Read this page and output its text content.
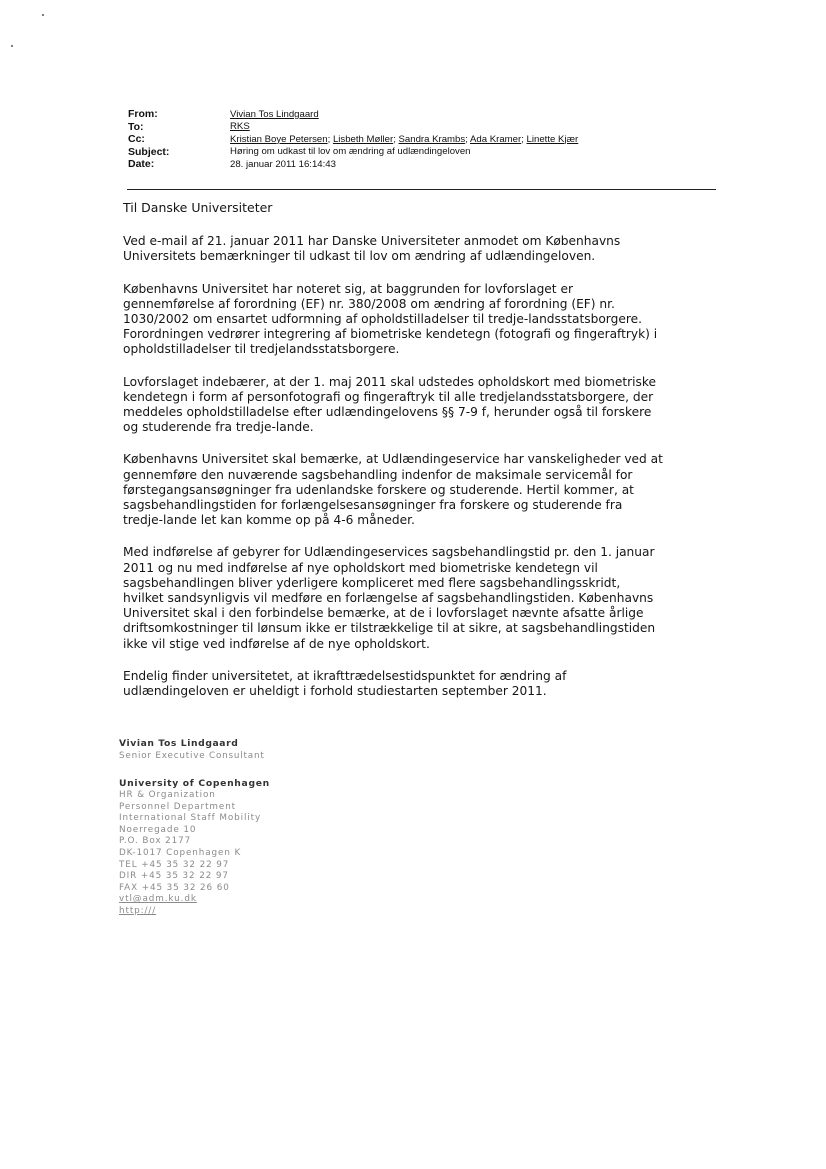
From:	Vivian Tos Lindgaard
To:	RKS
Cc:	Kristian Boye Petersen; Lisbeth Møller; Sandra Krambs; Ada Kramer; Linette Kjær
Subject:	Høring om udkast til lov om ændring af udlændingeloven
Date:	28. januar 2011 16:14:43

Til Danske Universiteter

Ved e-mail af 21. januar 2011 har Danske Universiteter anmodet om Københavns
Universitets bemærkninger til udkast til lov om ændring af udlændingeloven.

Københavns Universitet har noteret sig, at baggrunden for lovforslaget er
gennemførelse af forordning (EF) nr. 380/2008 om ændring af forordning (EF) nr.
1030/2002 om ensartet udformning af opholdstilladelser til tredje-landsstatsborgere.
Forordningen vedrører integrering af biometriske kendetegn (fotografi og fingeraftryk) i
opholdstilladelser til tredjelandsstatsborgere.

Lovforslaget indebærer, at der 1. maj 2011 skal udstedes opholdskort med biometriske
kendetegn i form af personfotografi og fingeraftryk til alle tredjelandsstatsborgere, der
meddeles opholdstilladelse efter udlændingelovens §§ 7-9 f, herunder også til forskere
og studerende fra tredje-lande.

Københavns Universitet skal bemærke, at Udlændingeservice har vanskeligheder ved at
gennemføre den nuværende sagsbehandling indenfor de maksimale servicemål for
førstegangsansøgninger fra udenlandske forskere og studerende. Hertil kommer, at
sagsbehandlingstiden for forlængelsesansøgninger fra forskere og studerende fra
tredje-lande let kan komme op på 4-6 måneder.

Med indførelse af gebyrer for Udlændingeservices sagsbehandlingstid pr. den 1. januar
2011 og nu med indførelse af nye opholdskort med biometriske kendetegn vil
sagsbehandlingen bliver yderligere kompliceret med flere sagsbehandlingsskridt,
hvilket sandsynligvis vil medføre en forlængelse af sagsbehandlingstiden. Københavns
Universitet skal i den forbindelse bemærke, at de i lovforslaget nævnte afsatte årlige
driftsomkostninger til lønsum ikke er tilstrækkelige til at sikre, at sagsbehandlingstiden
ikke vil stige ved indførelse af de nye opholdskort.

Endelig finder universitetet, at ikrafttrædelsestidspunktet for ændring af
udlændingeloven er uheldigt i forhold studiestarten september 2011.

Vivian Tos Lindgaard
Senior Executive Consultant
University of Copenhagen
HR & Organization
Personnel Department
International Staff Mobility
Noerregade 10
P.O. Box 2177
DK-1017 Copenhagen K
TEL +45 35 32 22 97
DIR +45 35 32 22 97
FAX +45 35 32 26 60
vtl@adm.ku.dk
http:///
